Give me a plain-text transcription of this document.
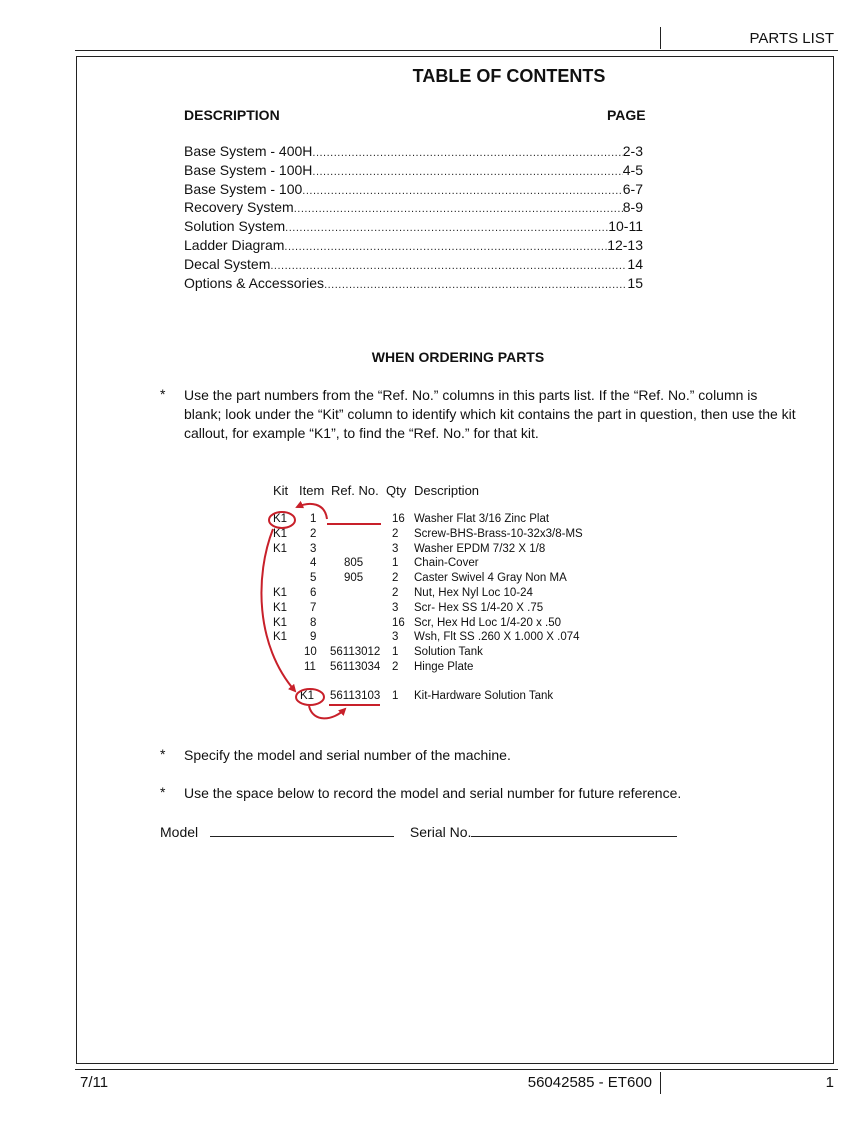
PARTS LIST
TABLE OF CONTENTS
DESCRIPTION	PAGE
Base System - 400H .....	2-3
Base System - 100H .....	4-5
Base System - 100 .....	6-7
Recovery System .....	8-9
Solution System .....	10-11
Ladder Diagram .....	12-13
Decal System .....	14
Options & Accessories .....	15
WHEN ORDERING PARTS
* Use the part numbers from the “Ref. No.” columns in this parts list. If the “Ref. No.” column is blank; look under the “Kit” column to identify which kit contains the part in question, then use the kit callout, for example “K1”, to find the “Ref. No.” for that kit.
Kit Item Ref. No. Qty Description
K1 1	16 Washer Flat 3/16 Zinc Plat
K1 2	2 Screw-BHS-Brass-10-32x3/8-MS
K1 3	3 Washer EPDM 7/32 X 1/8
4 805	1 Chain-Cover
5 905	2 Caster Swivel 4 Gray Non MA
K1 6	2 Nut, Hex Nyl Loc 10-24
K1 7	3 Scr- Hex SS 1/4-20 X .75
K1 8	16 Scr, Hex Hd Loc 1/4-20 x .50
K1 9	3 Wsh, Flt SS .260 X 1.000 X .074
10 56113012 1 Solution Tank
11 56113034 2 Hinge Plate
K1 56113103 1 Kit-Hardware Solution Tank
* Specify the model and serial number of the machine.
* Use the space below to record the model and serial number for future reference.
Model	Serial No.
7/11	56042585 - ET600	1
